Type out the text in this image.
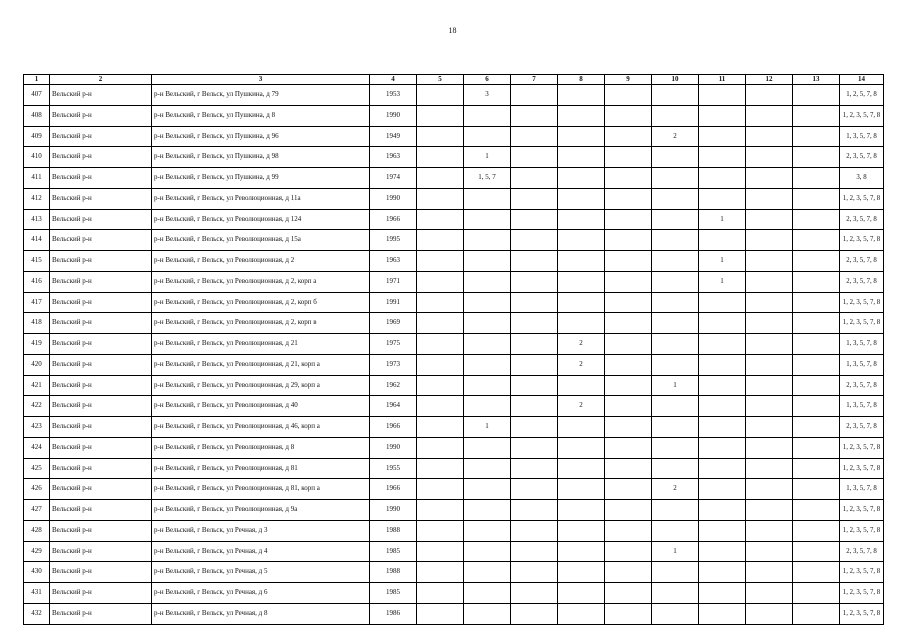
18
1	2	3	4	5	6	7	8	9	10	11	12	13	14
407	Вельский р-н	р-н Вельский, г Вельск, ул Пушкина, д 79	1953		3								1, 2, 5, 7, 8
408	Вельский р-н	р-н Вельский, г Вельск, ул Пушкина, д 8	1990										1, 2, 3, 5, 7, 8
409	Вельский р-н	р-н Вельский, г Вельск, ул Пушкина, д 96	1949						2				1, 3, 5, 7, 8
410	Вельский р-н	р-н Вельский, г Вельск, ул Пушкина, д 98	1963		1								2, 3, 5, 7, 8
411	Вельский р-н	р-н Вельский, г Вельск, ул Пушкина, д 99	1974		1, 5, 7								3, 8
412	Вельский р-н	р-н Вельский, г Вельск, ул Революционная, д 11а	1990										1, 2, 3, 5, 7, 8
413	Вельский р-н	р-н Вельский, г Вельск, ул Революционная, д 124	1966							1			2, 3, 5, 7, 8
414	Вельский р-н	р-н Вельский, г Вельск, ул Революционная, д 15а	1995										1, 2, 3, 5, 7, 8
415	Вельский р-н	р-н Вельский, г Вельск, ул Революционная, д 2	1963							1			2, 3, 5, 7, 8
416	Вельский р-н	р-н Вельский, г Вельск, ул Революционная, д 2, корп а	1971							1			2, 3, 5, 7, 8
417	Вельский р-н	р-н Вельский, г Вельск, ул Революционная, д 2, корп б	1991										1, 2, 3, 5, 7, 8
418	Вельский р-н	р-н Вельский, г Вельск, ул Революционная, д 2, корп в	1969										1, 2, 3, 5, 7, 8
419	Вельский р-н	р-н Вельский, г Вельск, ул Революционная, д 21	1975				2						1, 3, 5, 7, 8
420	Вельский р-н	р-н Вельский, г Вельск, ул Революционная, д 21, корп а	1973				2						1, 3, 5, 7, 8
421	Вельский р-н	р-н Вельский, г Вельск, ул Революционная, д 29, корп а	1962						1				2, 3, 5, 7, 8
422	Вельский р-н	р-н Вельский, г Вельск, ул Революционная, д 40	1964				2						1, 3, 5, 7, 8
423	Вельский р-н	р-н Вельский, г Вельск, ул Революционная, д 46, корп а	1966		1								2, 3, 5, 7, 8
424	Вельский р-н	р-н Вельский, г Вельск, ул Революционная, д 8	1990										1, 2, 3, 5, 7, 8
425	Вельский р-н	р-н Вельский, г Вельск, ул Революционная, д 81	1955										1, 2, 3, 5, 7, 8
426	Вельский р-н	р-н Вельский, г Вельск, ул Революционная, д 81, корп а	1966						2				1, 3, 5, 7, 8
427	Вельский р-н	р-н Вельский, г Вельск, ул Революционная, д 9а	1990										1, 2, 3, 5, 7, 8
428	Вельский р-н	р-н Вельский, г Вельск, ул Речная, д 3	1988										1, 2, 3, 5, 7, 8
429	Вельский р-н	р-н Вельский, г Вельск, ул Речная, д 4	1985						1				2, 3, 5, 7, 8
430	Вельский р-н	р-н Вельский, г Вельск, ул Речная, д 5	1988										1, 2, 3, 5, 7, 8
431	Вельский р-н	р-н Вельский, г Вельск, ул Речная, д 6	1985										1, 2, 3, 5, 7, 8
432	Вельский р-н	р-н Вельский, г Вельск, ул Речная, д 8	1986										1, 2, 3, 5, 7, 8
